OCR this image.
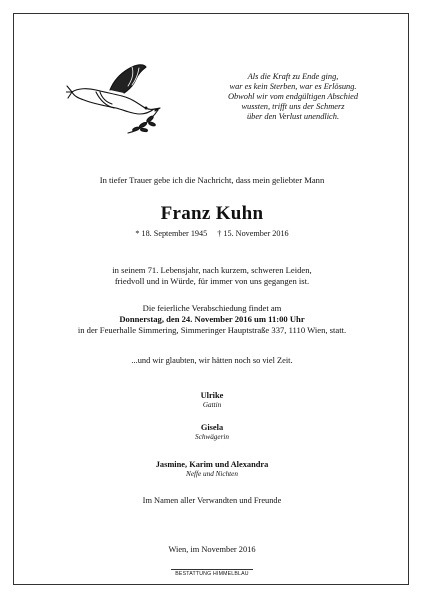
Als die Kraft zu Ende ging,
war es kein Sterben, war es Erlösung.
Obwohl wir vom endgültigen Abschied
wussten, trifft uns der Schmerz
über den Verlust unendlich.
In tiefer Trauer gebe ich die Nachricht, dass mein geliebter Mann
Franz Kuhn
* 18. September 1945 † 15. November 2016
in seinem 71. Lebensjahr, nach kurzem, schweren Leiden,
friedvoll und in Würde, für immer von uns gegangen ist.
Die feierliche Verabschiedung findet am
Donnerstag, den 24. November 2016 um 11:00 Uhr
in der Feuerhalle Simmering, Simmeringer Hauptstraße 337, 1110 Wien, statt.
...und wir glaubten, wir hätten noch so viel Zeit.
Ulrike
Gattin
Gisela
Schwägerin
Jasmine, Karim und Alexandra
Neffe und Nichten
Im Namen aller Verwandten und Freunde
Wien, im November 2016
BESTATTUNG HIMMELBLAU
